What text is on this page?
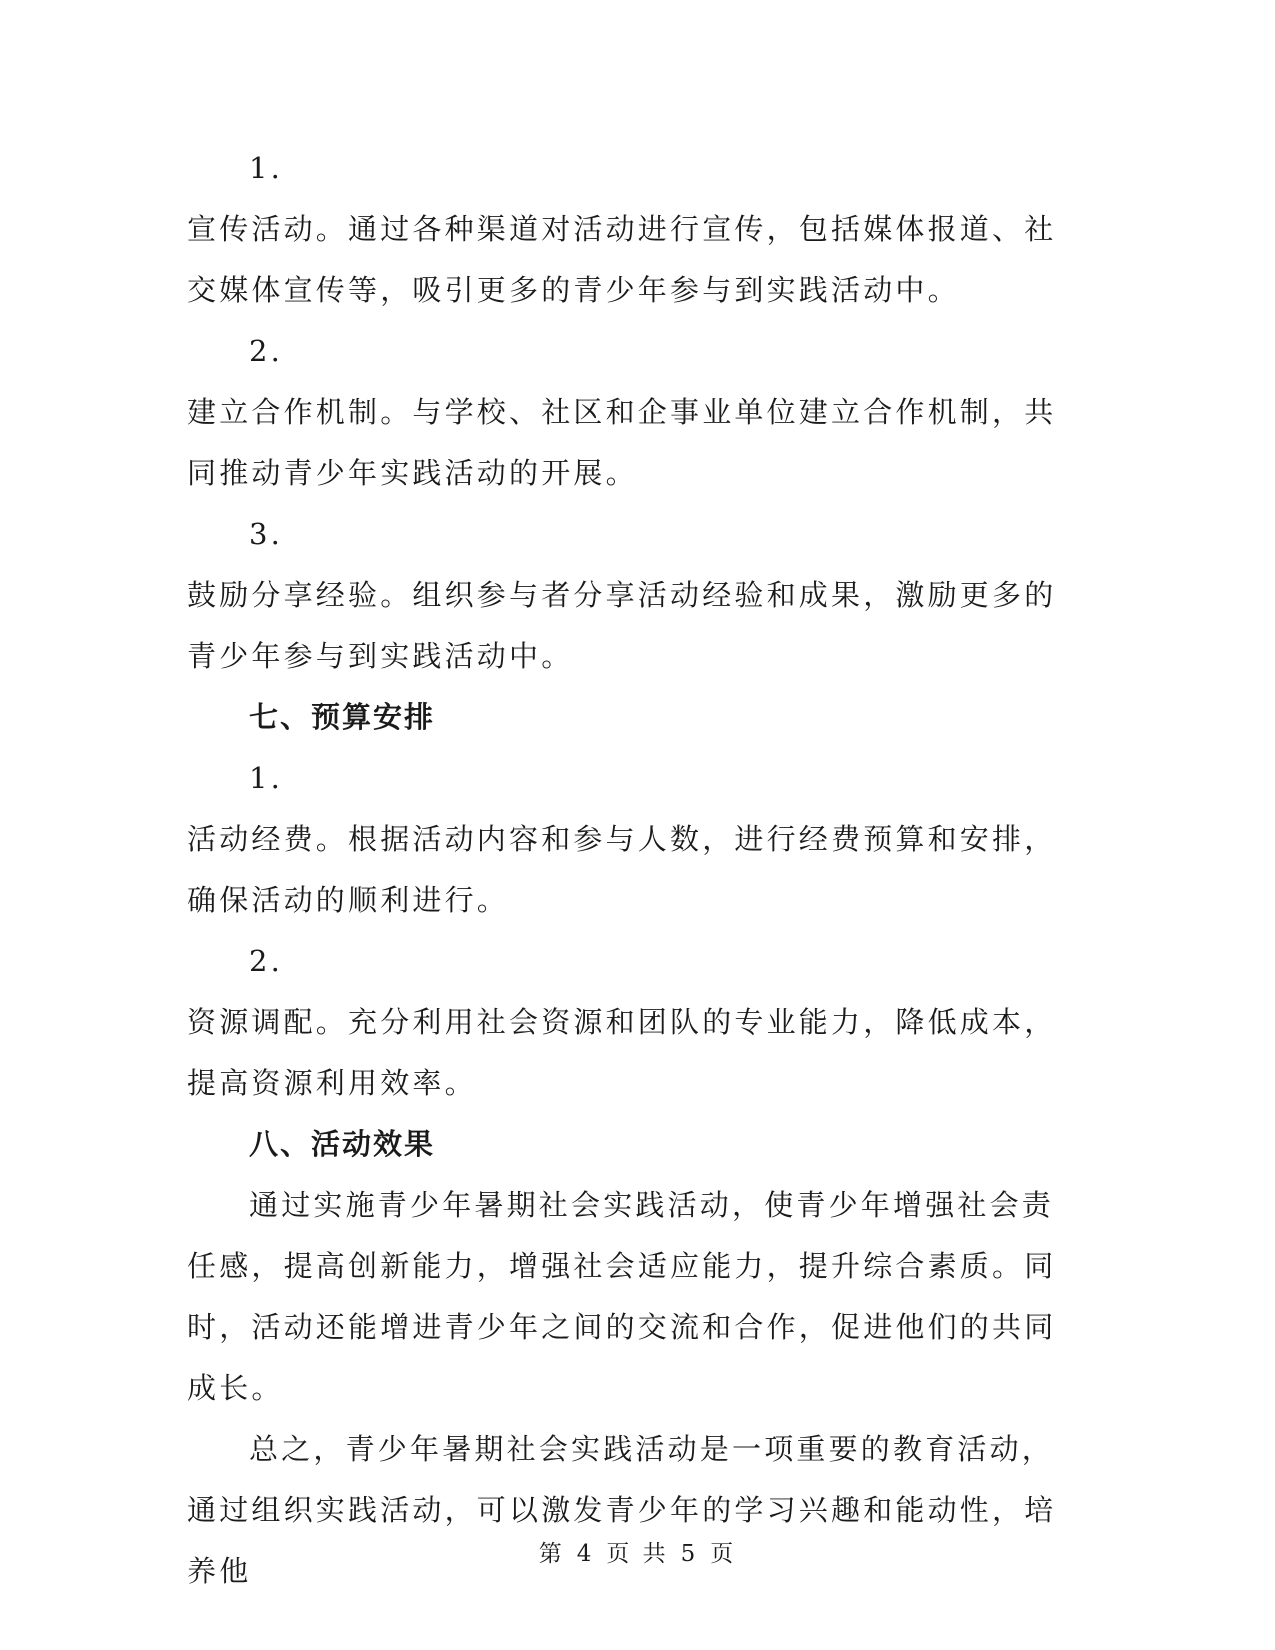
1.

宣传活动。通过各种渠道对活动进行宣传，包括媒体报道、社交媒体宣传等，吸引更多的青少年参与到实践活动中。

2.

建立合作机制。与学校、社区和企事业单位建立合作机制，共同推动青少年实践活动的开展。

3.

鼓励分享经验。组织参与者分享活动经验和成果，激励更多的青少年参与到实践活动中。

七、预算安排

1.

活动经费。根据活动内容和参与人数，进行经费预算和安排，确保活动的顺利进行。

2.

资源调配。充分利用社会资源和团队的专业能力，降低成本，提高资源利用效率。

八、活动效果

通过实施青少年暑期社会实践活动，使青少年增强社会责任感，提高创新能力，增强社会适应能力，提升综合素质。同时，活动还能增进青少年之间的交流和合作，促进他们的共同成长。

总之，青少年暑期社会实践活动是一项重要的教育活动，通过组织实践活动，可以激发青少年的学习兴趣和能动性，培养他	第 4 页 共 5 页
